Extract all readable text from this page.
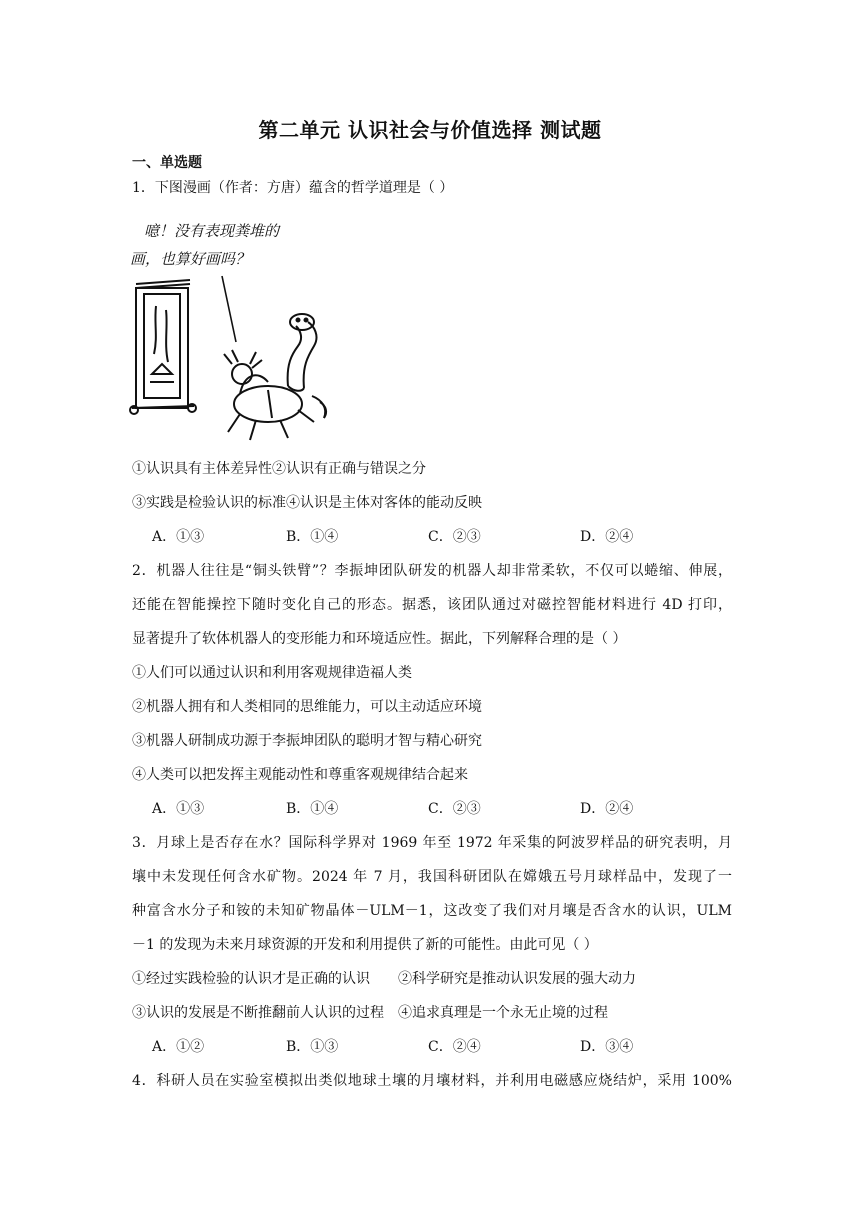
第二单元 认识社会与价值选择 测试题
一、单选题
1．下图漫画（作者：方唐）蕴含的哲学道理是（ ）
噫！没有表现粪堆的
画，也算好画吗？
①认识具有主体差异性②认识有正确与错误之分
③实践是检验认识的标准④认识是主体对客体的能动反映
A．①③	B．①④	C．②③	D．②④
2．机器人往往是“铜头铁臂”？李振坤团队研发的机器人却非常柔软，不仅可以蜷缩、伸展，
还能在智能操控下随时变化自己的形态。据悉，该团队通过对磁控智能材料进行 4D 打印，
显著提升了软体机器人的变形能力和环境适应性。据此，下列解释合理的是（ ）
①人们可以通过认识和利用客观规律造福人类
②机器人拥有和人类相同的思维能力，可以主动适应环境
③机器人研制成功源于李振坤团队的聪明才智与精心研究
④人类可以把发挥主观能动性和尊重客观规律结合起来
A．①③	B．①④	C．②③	D．②④
3．月球上是否存在水？国际科学界对 1969 年至 1972 年采集的阿波罗样品的研究表明，月
壤中未发现任何含水矿物。2024 年 7 月，我国科研团队在嫦娥五号月球样品中，发现了一
种富含水分子和铵的未知矿物晶体－ULM－1，这改变了我们对月壤是否含水的认识，ULM
－1 的发现为未来月球资源的开发和利用提供了新的可能性。由此可见（ ）
①经过实践检验的认识才是正确的认识　　②科学研究是推动认识发展的强大动力
③认识的发展是不断推翻前人认识的过程　④追求真理是一个永无止境的过程
A．①②	B．①③	C．②④	D．③④
4．科研人员在实验室模拟出类似地球土壤的月壤材料，并利用电磁感应烧结炉，采用 100%
